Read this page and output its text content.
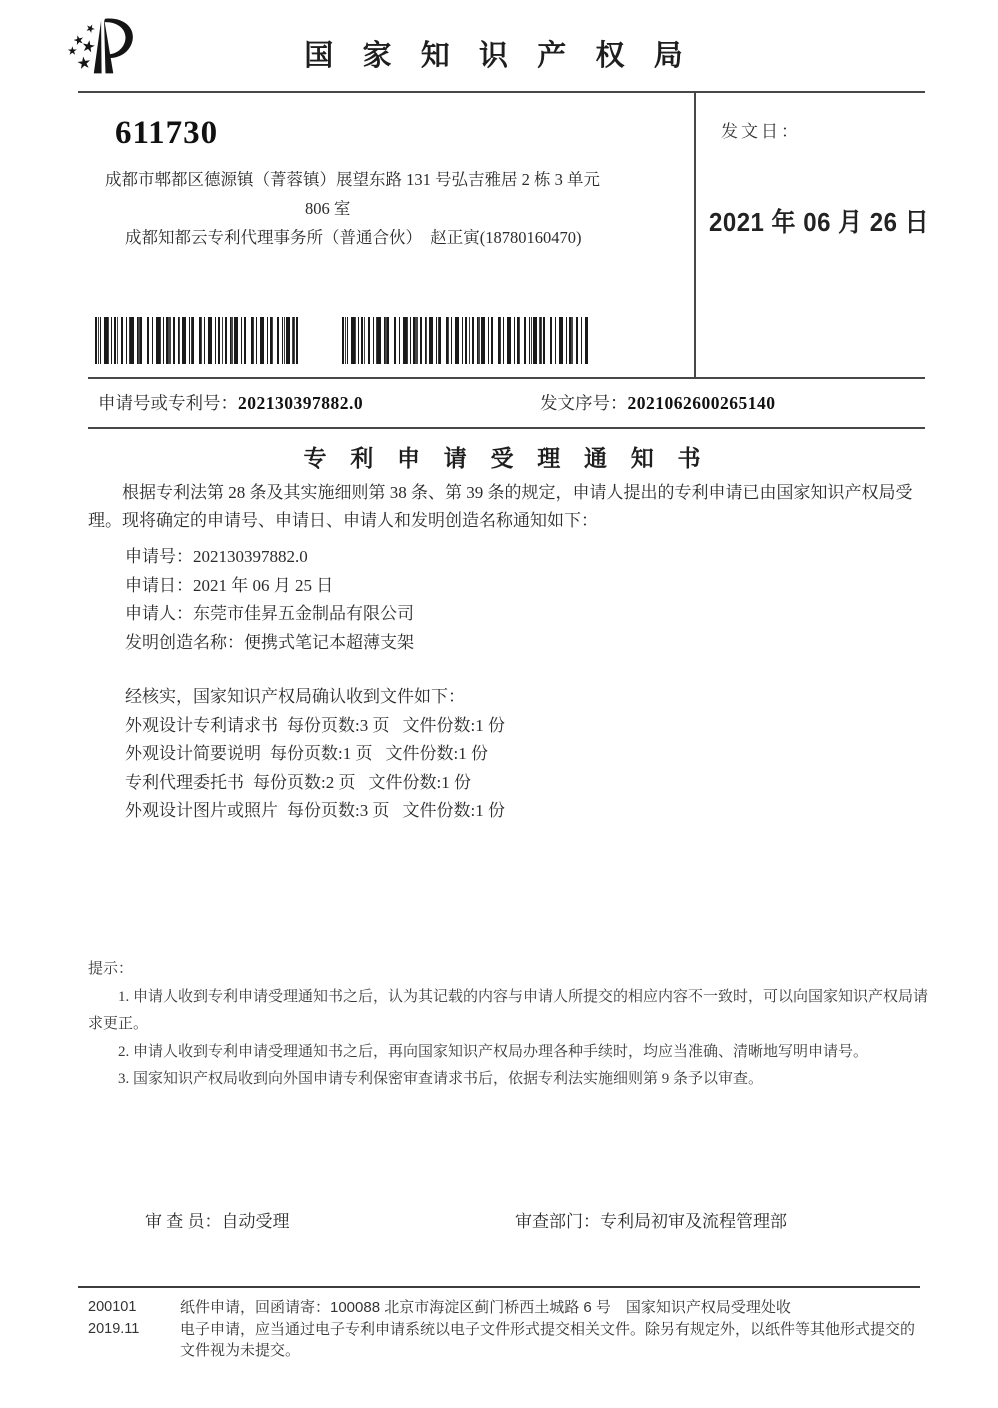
国 家 知 识 产 权 局
611730
成都市郫都区德源镇（菁蓉镇）展望东路 131 号弘吉雅居 2 栋 3 单元
806 室
成都知都云专利代理事务所（普通合伙）　赵正寅(18780160470)
发文日：
2021 年 06 月 26 日
申请号或专利号：202130397882.0	发文序号：2021062600265140
专 利 申 请 受 理 通 知 书

根据专利法第 28 条及其实施细则第 38 条、第 39 条的规定，申请人提出的专利申请已由国家知识产权局受理。现将确定的申请号、申请日、申请人和发明创造名称通知如下：

申请号：202130397882.0

申请日：2021 年 06 月 25 日

申请人：东莞市佳昇五金制品有限公司

发明创造名称：便携式笔记本超薄支架

经核实，国家知识产权局确认收到文件如下：

外观设计专利请求书 每份页数:3 页 文件份数:1 份

外观设计简要说明 每份页数:1 页 文件份数:1 份

专利代理委托书 每份页数:2 页 文件份数:1 份

外观设计图片或照片 每份页数:3 页 文件份数:1 份

提示：

1. 申请人收到专利申请受理通知书之后，认为其记载的内容与申请人所提交的相应内容不一致时，可以向国家知识产权局请求更正。

2. 申请人收到专利申请受理通知书之后，再向国家知识产权局办理各种手续时，均应当准确、清晰地写明申请号。

3. 国家知识产权局收到向外国申请专利保密审查请求书后，依据专利法实施细则第 9 条予以审查。

审 查 员：自动受理	审查部门：专利局初审及流程管理部

200101

2019.11

纸件申请，回函请寄：100088 北京市海淀区蓟门桥西土城路 6 号　国家知识产权局受理处收

电子申请，应当通过电子专利申请系统以电子文件形式提交相关文件。除另有规定外，以纸件等其他形式提交的文件视为未提交。
